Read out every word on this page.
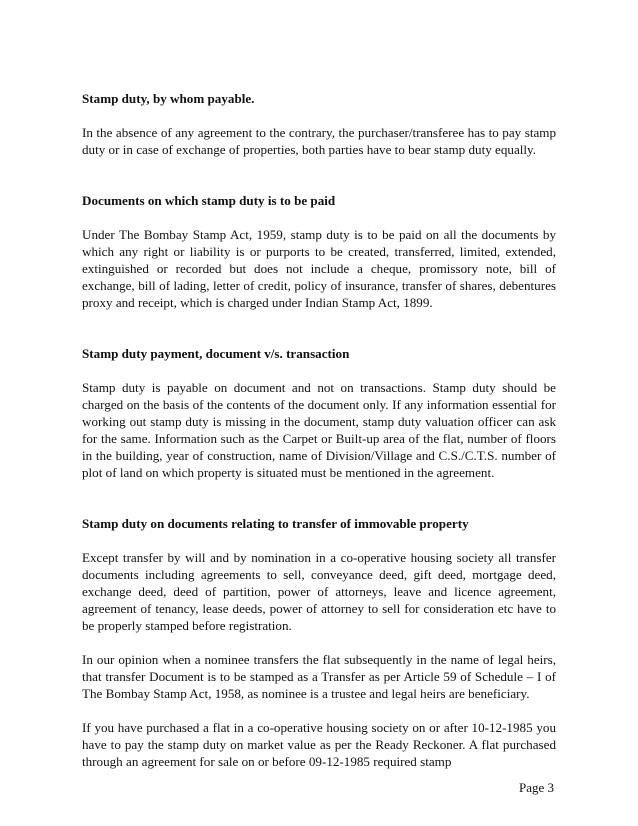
Stamp duty, by whom payable.

In the absence of any agreement to the contrary, the purchaser/transferee has to pay stamp duty or in case of exchange of properties, both parties have to bear stamp duty equally.

Documents on which stamp duty is to be paid

Under The Bombay Stamp Act, 1959, stamp duty is to be paid on all the documents by which any right or liability is or purports to be created, transferred, limited, extended, extinguished or recorded but does not include a cheque, promissory note, bill of exchange, bill of lading, letter of credit, policy of insurance, transfer of shares, debentures proxy and receipt, which is charged under Indian Stamp Act, 1899.

Stamp duty payment, document v/s. transaction

Stamp duty is payable on document and not on transactions. Stamp duty should be charged on the basis of the contents of the document only. If any information essential for working out stamp duty is missing in the document, stamp duty valuation officer can ask for the same. Information such as the Carpet or Built-up area of the flat, number of floors in the building, year of construction, name of Division/Village and C.S./C.T.S. number of plot of land on which property is situated must be mentioned in the agreement.

Stamp duty on documents relating to transfer of immovable property

Except transfer by will and by nomination in a co-operative housing society all transfer documents including agreements to sell, conveyance deed, gift deed, mortgage deed, exchange deed, deed of partition, power of attorneys, leave and licence agreement, agreement of tenancy, lease deeds, power of attorney to sell for consideration etc have to be properly stamped before registration.

In our opinion when a nominee transfers the flat subsequently in the name of legal heirs, that transfer Document is to be stamped as a Transfer as per Article 59 of Schedule – I of The Bombay Stamp Act, 1958, as nominee is a trustee and legal heirs are beneficiary.

If you have purchased a flat in a co-operative housing society on or after 10-12-1985 you have to pay the stamp duty on market value as per the Ready Reckoner. A flat purchased through an agreement for sale on or before 09-12-1985 required stamp

Page 3
